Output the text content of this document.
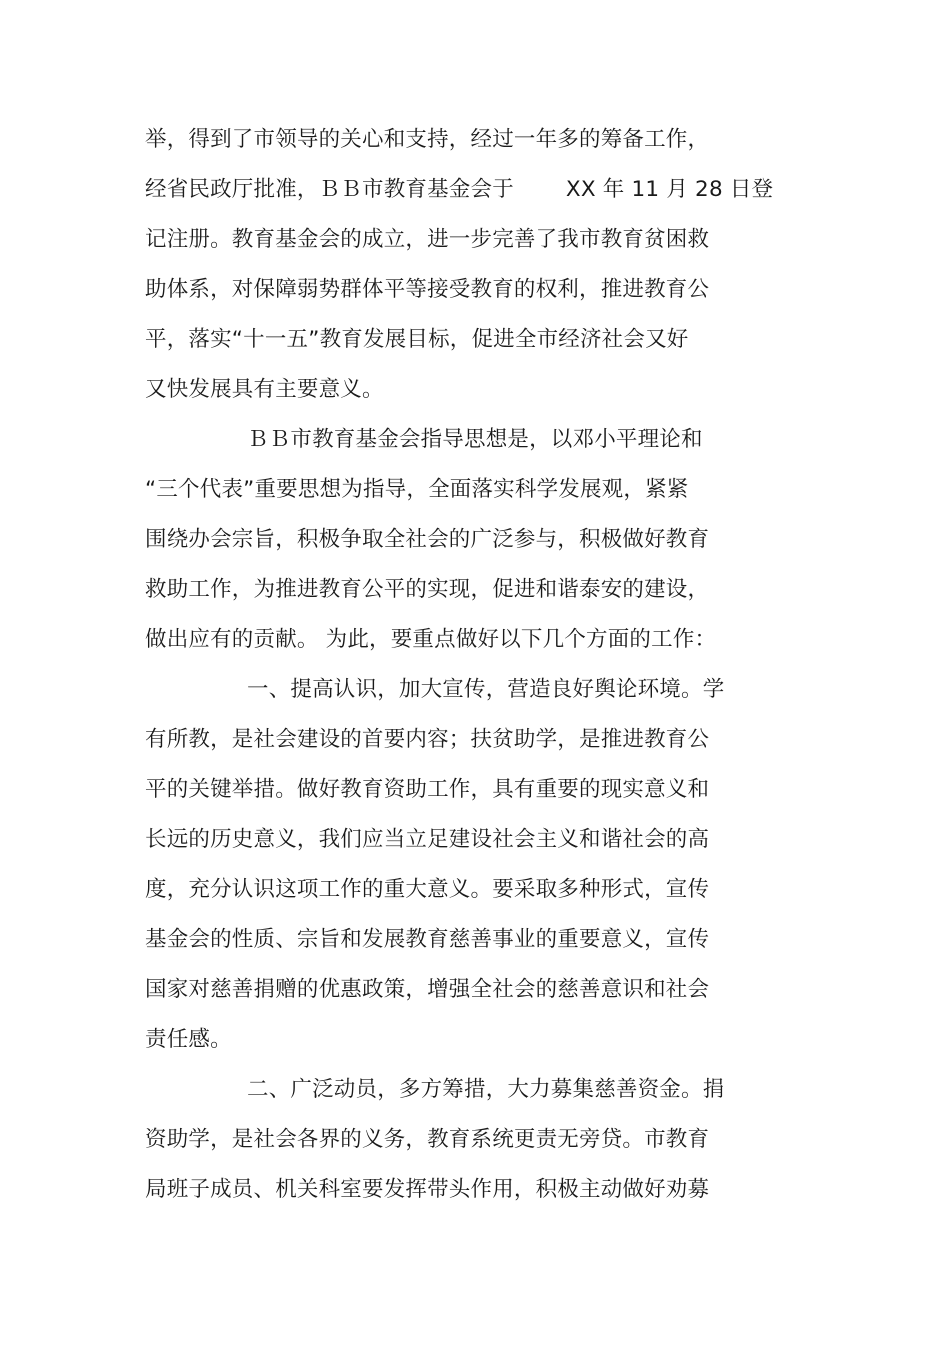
举，得到了市领导的关心和支持，经过一年多的筹备工作，
经省民政厅批准，ＢＢ市教育基金会于 XX 年 11 月 28 日登
记注册。教育基金会的成立，进一步完善了我市教育贫困救
助体系，对保障弱势群体平等接受教育的权利，推进教育公
平，落实“十一五”教育发展目标，促进全市经济社会又好
又快发展具有主要意义。
ＢＢ市教育基金会指导思想是，以邓小平理论和
“三个代表”重要思想为指导，全面落实科学发展观，紧紧
围绕办会宗旨，积极争取全社会的广泛参与，积极做好教育
救助工作，为推进教育公平的实现，促进和谐泰安的建设，
做出应有的贡献。 为此，要重点做好以下几个方面的工作：
一、提高认识，加大宣传，营造良好舆论环境。学
有所教，是社会建设的首要内容；扶贫助学，是推进教育公
平的关键举措。做好教育资助工作，具有重要的现实意义和
长远的历史意义，我们应当立足建设社会主义和谐社会的高
度，充分认识这项工作的重大意义。要采取多种形式，宣传
基金会的性质、宗旨和发展教育慈善事业的重要意义，宣传
国家对慈善捐赠的优惠政策，增强全社会的慈善意识和社会
责任感。
二、广泛动员，多方筹措，大力募集慈善资金。捐
资助学，是社会各界的义务，教育系统更责无旁贷。市教育
局班子成员、机关科室要发挥带头作用，积极主动做好劝募
